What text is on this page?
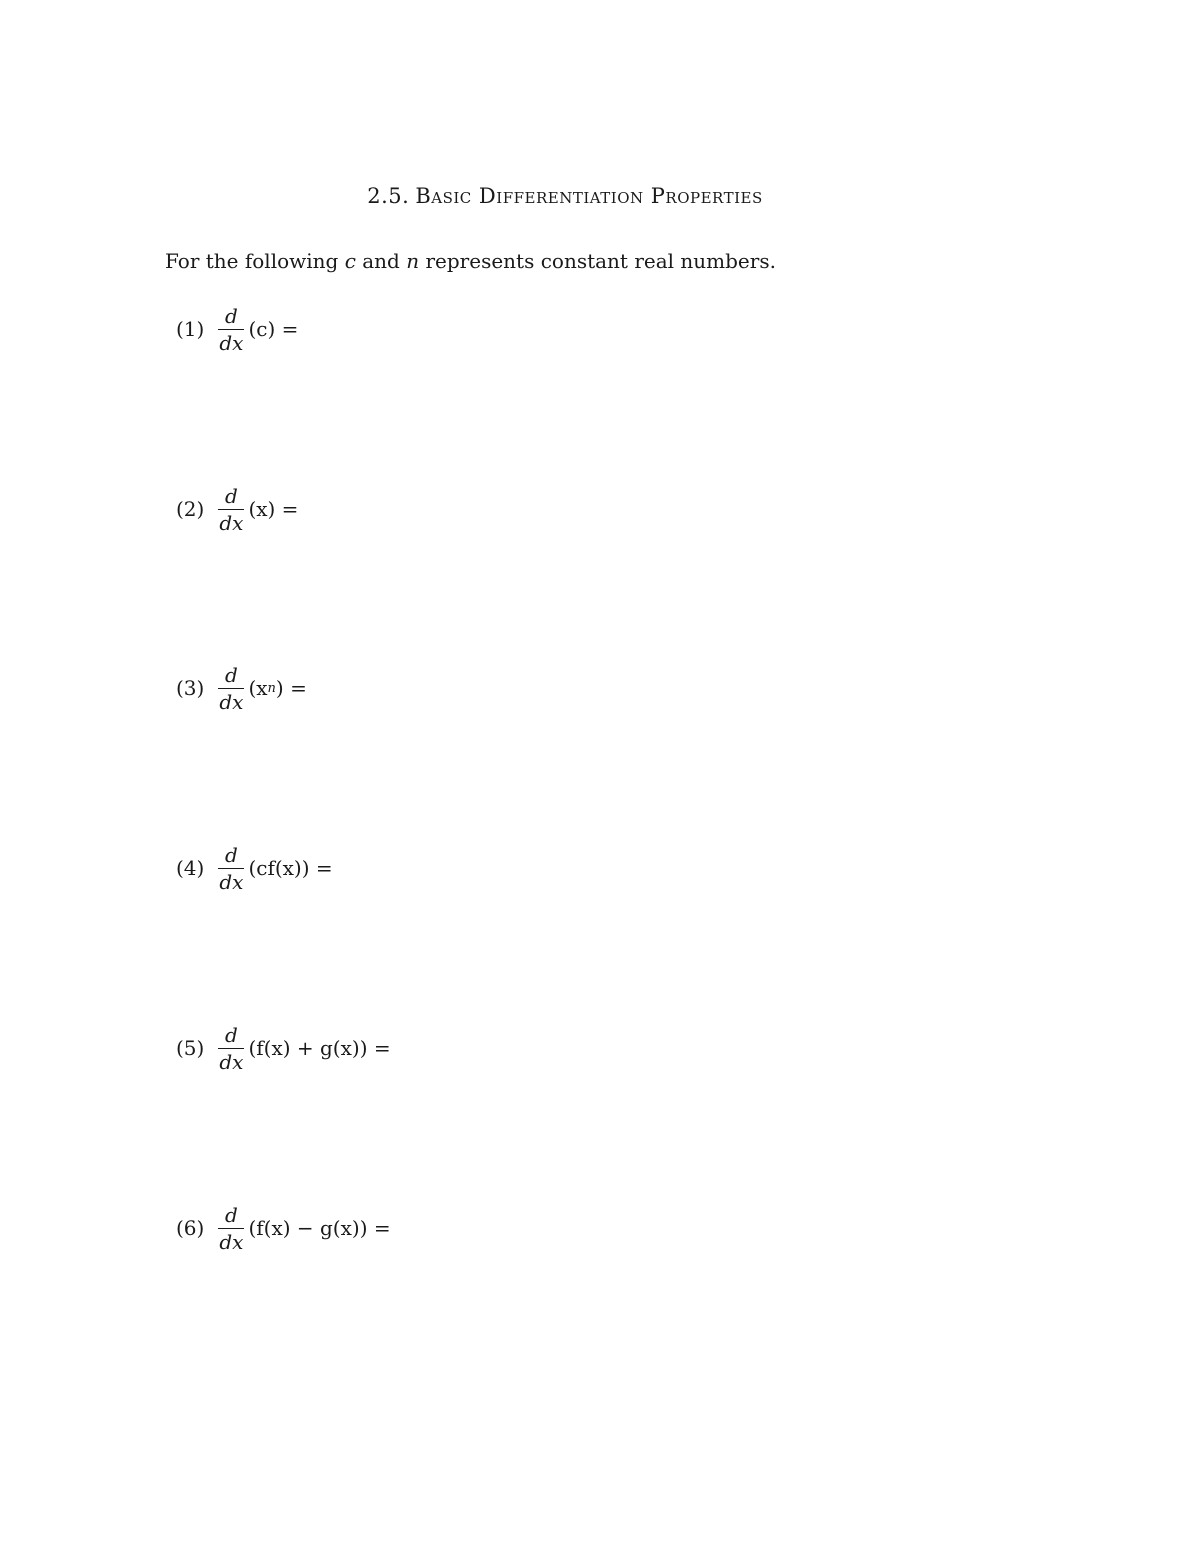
2.5. Basic Differentiation Properties
For the following c and n represents constant real numbers.
$(1) \frac{d}{dx} (c)$ =
$(2) \frac{d}{dx} (x)$ =
$(3) \frac{d}{dx} (x$ n ) =
$(4) \frac{d}{dx} (cf(x))$ =
$(5) \frac{d}{dx} (f(x) + g(x))$ =
$(6) \frac{d}{dx} (f(x) - g(x))$ =
